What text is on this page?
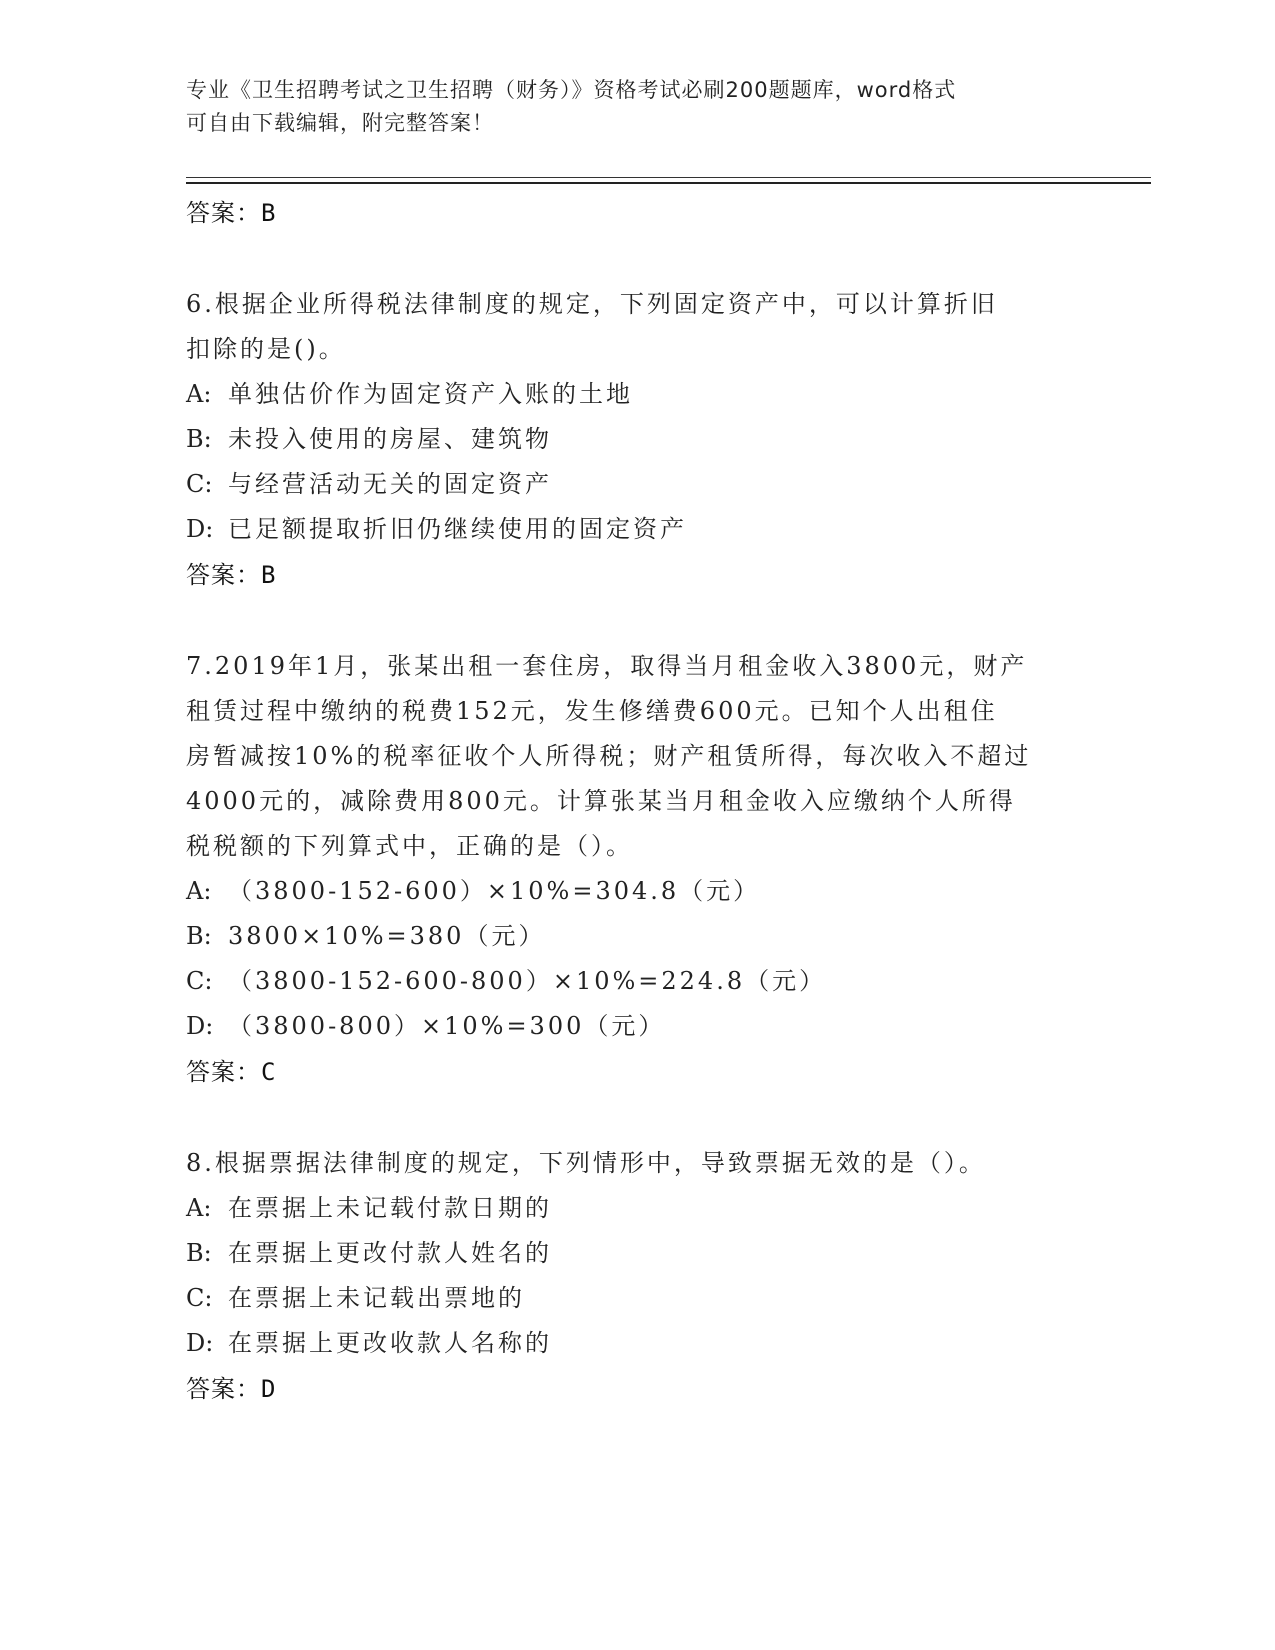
专业《卫生招聘考试之卫生招聘（财务）》资格考试必刷200题题库，word格式
可自由下载编辑，附完整答案！
答案：B
6.根据企业所得税法律制度的规定，下列固定资产中，可以计算折旧
扣除的是()。
A: 单独估价作为固定资产入账的土地
B: 未投入使用的房屋、建筑物
C: 与经营活动无关的固定资产
D: 已足额提取折旧仍继续使用的固定资产
答案：B
7.2019年1月，张某出租一套住房，取得当月租金收入3800元，财产
租赁过程中缴纳的税费152元，发生修缮费600元。已知个人出租住
房暂减按10%的税率征收个人所得税；财产租赁所得，每次收入不超过
4000元的，减除费用800元。计算张某当月租金收入应缴纳个人所得
税税额的下列算式中，正确的是（）。
A: （3800-152-600）×10%=304.8（元）
B: 3800×10%=380（元）
C: （3800-152-600-800）×10%=224.8（元）
D: （3800-800）×10%=300（元）
答案：C
8.根据票据法律制度的规定，下列情形中，导致票据无效的是（）。
A: 在票据上未记载付款日期的
B: 在票据上更改付款人姓名的
C: 在票据上未记载出票地的
D: 在票据上更改收款人名称的
答案：D
